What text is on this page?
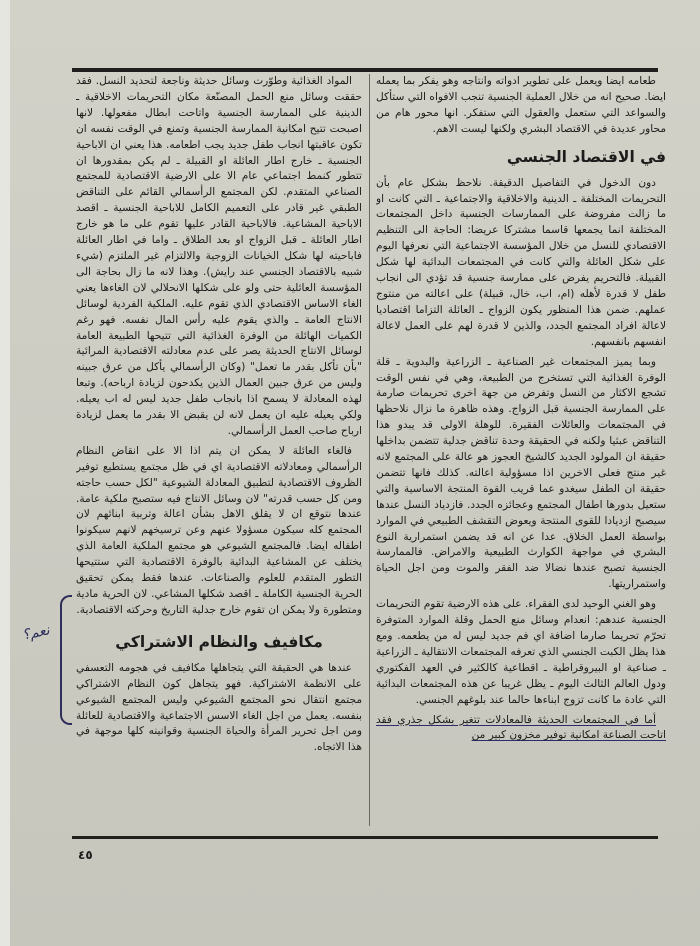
طعامه ايضا ويعمل على تطوير ادواته وانتاجه وهو يفكر بما يعمله ايضا. صحيح انه من خلال العملية الجنسية تنجب الافواه التي ستأكل والسواعد التي ستعمل والعقول التي ستفكر. انها محور هام من محاور عديدة في الاقتصاد البشري ولكنها ليست الاهم.

في الاقتصاد الجنسي

دون الدخول في التفاصيل الدقيقة. نلاحظ بشكل عام بأن التحريمات المختلفة ـ الدينية والاخلاقية والاجتماعية ـ التي كانت او ما زالت مفروضة على الممارسات الجنسية داخل المجتمعات المختلفة انما يجمعها قاسما مشتركا عريضا: الحاجة الى التنظيم الاقتصادي للنسل من خلال المؤسسة الاجتماعية التي نعرفها اليوم على شكل العائلة والتي كانت في المجتمعات البدائية لها شكل القبيلة. فالتحريم يفرض على ممارسة جنسية قد تؤدي الى انجاب طفل لا قدرة لأهله (ام، اب، خال، قبيلة) على اعالته من منتوج عملهم. ضمن هذا المنظور يكون الزواج ـ العائلة التزاما اقتصاديا لاعالة افراد المجتمع الجدد، والذين لا قدرة لهم على العمل لاعالة انفسهم بانفسهم.

وبما يميز المجتمعات غير الصناعية ـ الزراعية والبدوية ـ قلة الوفرة الغذائية التي تستخرج من الطبيعة، وهي في نفس الوقت تشجع الاكثار من النسل وتفرض من جهة اخرى تحريمات صارمة على الممارسة الجنسية قبل الزواج. وهذه ظاهرة ما نزال نلاحظها في المجتمعات والعائلات الفقيرة. للوهلة الاولى قد يبدو هذا التناقض عبثيا ولكنه في الحقيقة وحدة تناقض جدلية تتضمن بداخلها حقيقة ان المولود الجديد كالشيخ العجوز هو عالة على المجتمع لانه غير منتج فعلى الاخرين اذا مسؤولية اعالته. كذلك فانها تتضمن حقيقة ان الطفل سيغدو عما قريب القوة المنتجة الاساسية والتي ستعيل بدورها اطفال المجتمع وعجائزه الجدد. فازدياد النسل عندها سيصبح ازديادا للقوى المنتجة ويعوض التقشف الطبيعي في الموارد بواسطة العمل الخلاق. عدا عن انه قد يضمن استمرارية النوع البشري في مواجهة الكوارث الطبيعية والامراض. فالممارسة الجنسية تصبح عندها نضالا ضد الفقر والموت ومن اجل الحياة واستمراريتها.

وهو الغني الوحيد لدى الفقراء. على هذه الارضية تقوم التحريمات الجنسية عندهم: انعدام وسائل منع الحمل وقلة الموارد المتوفرة تحرّم تحريما صارما اضافة اي فم جديد ليس له من يطعمه. ومع هذا يظل الكبت الجنسي الذي تعرفه المجتمعات الانتقالية ـ الزراعية ـ صناعية او البيروقراطية ـ اقطاعية كالكثير في العهد الفكتوري ودول العالم الثالث اليوم ـ يظل غريبا عن هذه المجتمعات البدائية التي عادة ما كانت تزوج ابناءها حالما عند بلوغهم الجنسي.

أما في المجتمعات الحديثة فالمعادلات تتغير بشكل جذري فقد اتاحت الصناعة امكانية توفير مخزون كبير من

المواد الغذائية وطوّرت وسائل حديثة وناجعة لتحديد النسل. فقد حققت وسائل منع الحمل المصنّعة مكان التحريمات الاخلاقية ـ الدينية على الممارسة الجنسية واتاحت ابطال مفعولها. لانها اصبحت تتيح امكانية الممارسة الجنسية وتمنع في الوقت نفسه ان تكون عاقبتها انجاب طفل جديد يجب اطعامه. هذا يعني ان الاباحية الجنسية ـ خارج اطار العائلة او القبيلة ـ لم يكن بمقدورها ان تتطور كنمط اجتماعي عام الا على الارضية الاقتصادية للمجتمع الصناعي المتقدم. لكن المجتمع الرأسمالي القائم على التناقض الطبقي غير قادر على التعميم الكامل للاباحية الجنسية ـ اقصد الاباحية المشاعية. فالاباحية القادر عليها تقوم على ما هو خارج اطار العائلة ـ قبل الزواج او بعد الطلاق ـ واما في اطار العائلة فاباحيته لها شكل الخيانات الزوجية والالتزام غير الملتزم (شيء شبيه بالاقتصاد الجنسي عند رايش). وهذا لانه ما زال بحاجة الى المؤسسة العائلية حتى ولو على شكلها الانحلالي لان الغاءها يعني الغاء الاساس الاقتصادي الذي تقوم عليه. الملكية الفردية لوسائل الانتاج العامة ـ والذي يقوم عليه رأس المال نفسه. فهو رغم الكميات الهائلة من الوفرة الغذائية التي تتيحها الطبيعة العامة لوسائل الانتاج الحديثة يصر على عدم معادلته الاقتصادية المرائية "بأن تأكل بقدر ما تعمل" (وكان الرأسمالي يأكل من عرق جبينه وليس من عرق جبين العمال الذين يكدحون لزيادة ارباحه). وتبعا لهذه المعادلة لا يسمح اذا بانجاب طفل جديد ليس له اب يعيله. ولكي يعيله عليه ان يعمل لانه لن يقبض الا بقدر ما يعمل لزيادة ارباح صاحب العمل الرأسمالي.

فالغاء العائلة لا يمكن ان يتم اذا الا على انقاض النظام الرأسمالي ومعادلاته الاقتصادية اي في ظل مجتمع يستطيع توفير الظروف الاقتصادية لتطبيق المعادلة الشيوعية "لكل حسب حاجته ومن كل حسب قدرته" لان وسائل الانتاج فيه ستصبح ملكية عامة. عندها نتوقع ان لا يقلق الاهل بشأن اعالة وتربية ابنائهم لان المجتمع كله سيكون مسؤولا عنهم وعن ترسيخهم لانهم سيكونوا اطفاله ايضا. فالمجتمع الشيوعي هو مجتمع الملكية العامة الذي يختلف عن المشاعية البدائية بالوفرة الاقتصادية التي ستتيحها التطور المتقدم للعلوم والصناعات. عندها فقط يمكن تحقيق الحرية الجنسية الكاملة ـ اقصد شكلها المشاعي. لان الحرية مادية ومتطورة ولا يمكن ان تقوم خارج جدلية التاريخ وحركته الاقتصادية.

مكافيف والنظام الاشتراكي

عندها هي الحقيقة التي يتجاهلها مكافيف في هجومه التعسفي على الانظمة الاشتراكية. فهو يتجاهل كون النظام الاشتراكي مجتمع انتقال نحو المجتمع الشيوعي وليس المجتمع الشيوعي بنفسه. يعمل من اجل الغاء الاسس الاجتماعية والاقتصادية للعائلة ومن اجل تحرير المرأة والحياة الجنسية وقوانينه كلها موجهة في هذا الاتجاه.

نعم؟
٤٥
